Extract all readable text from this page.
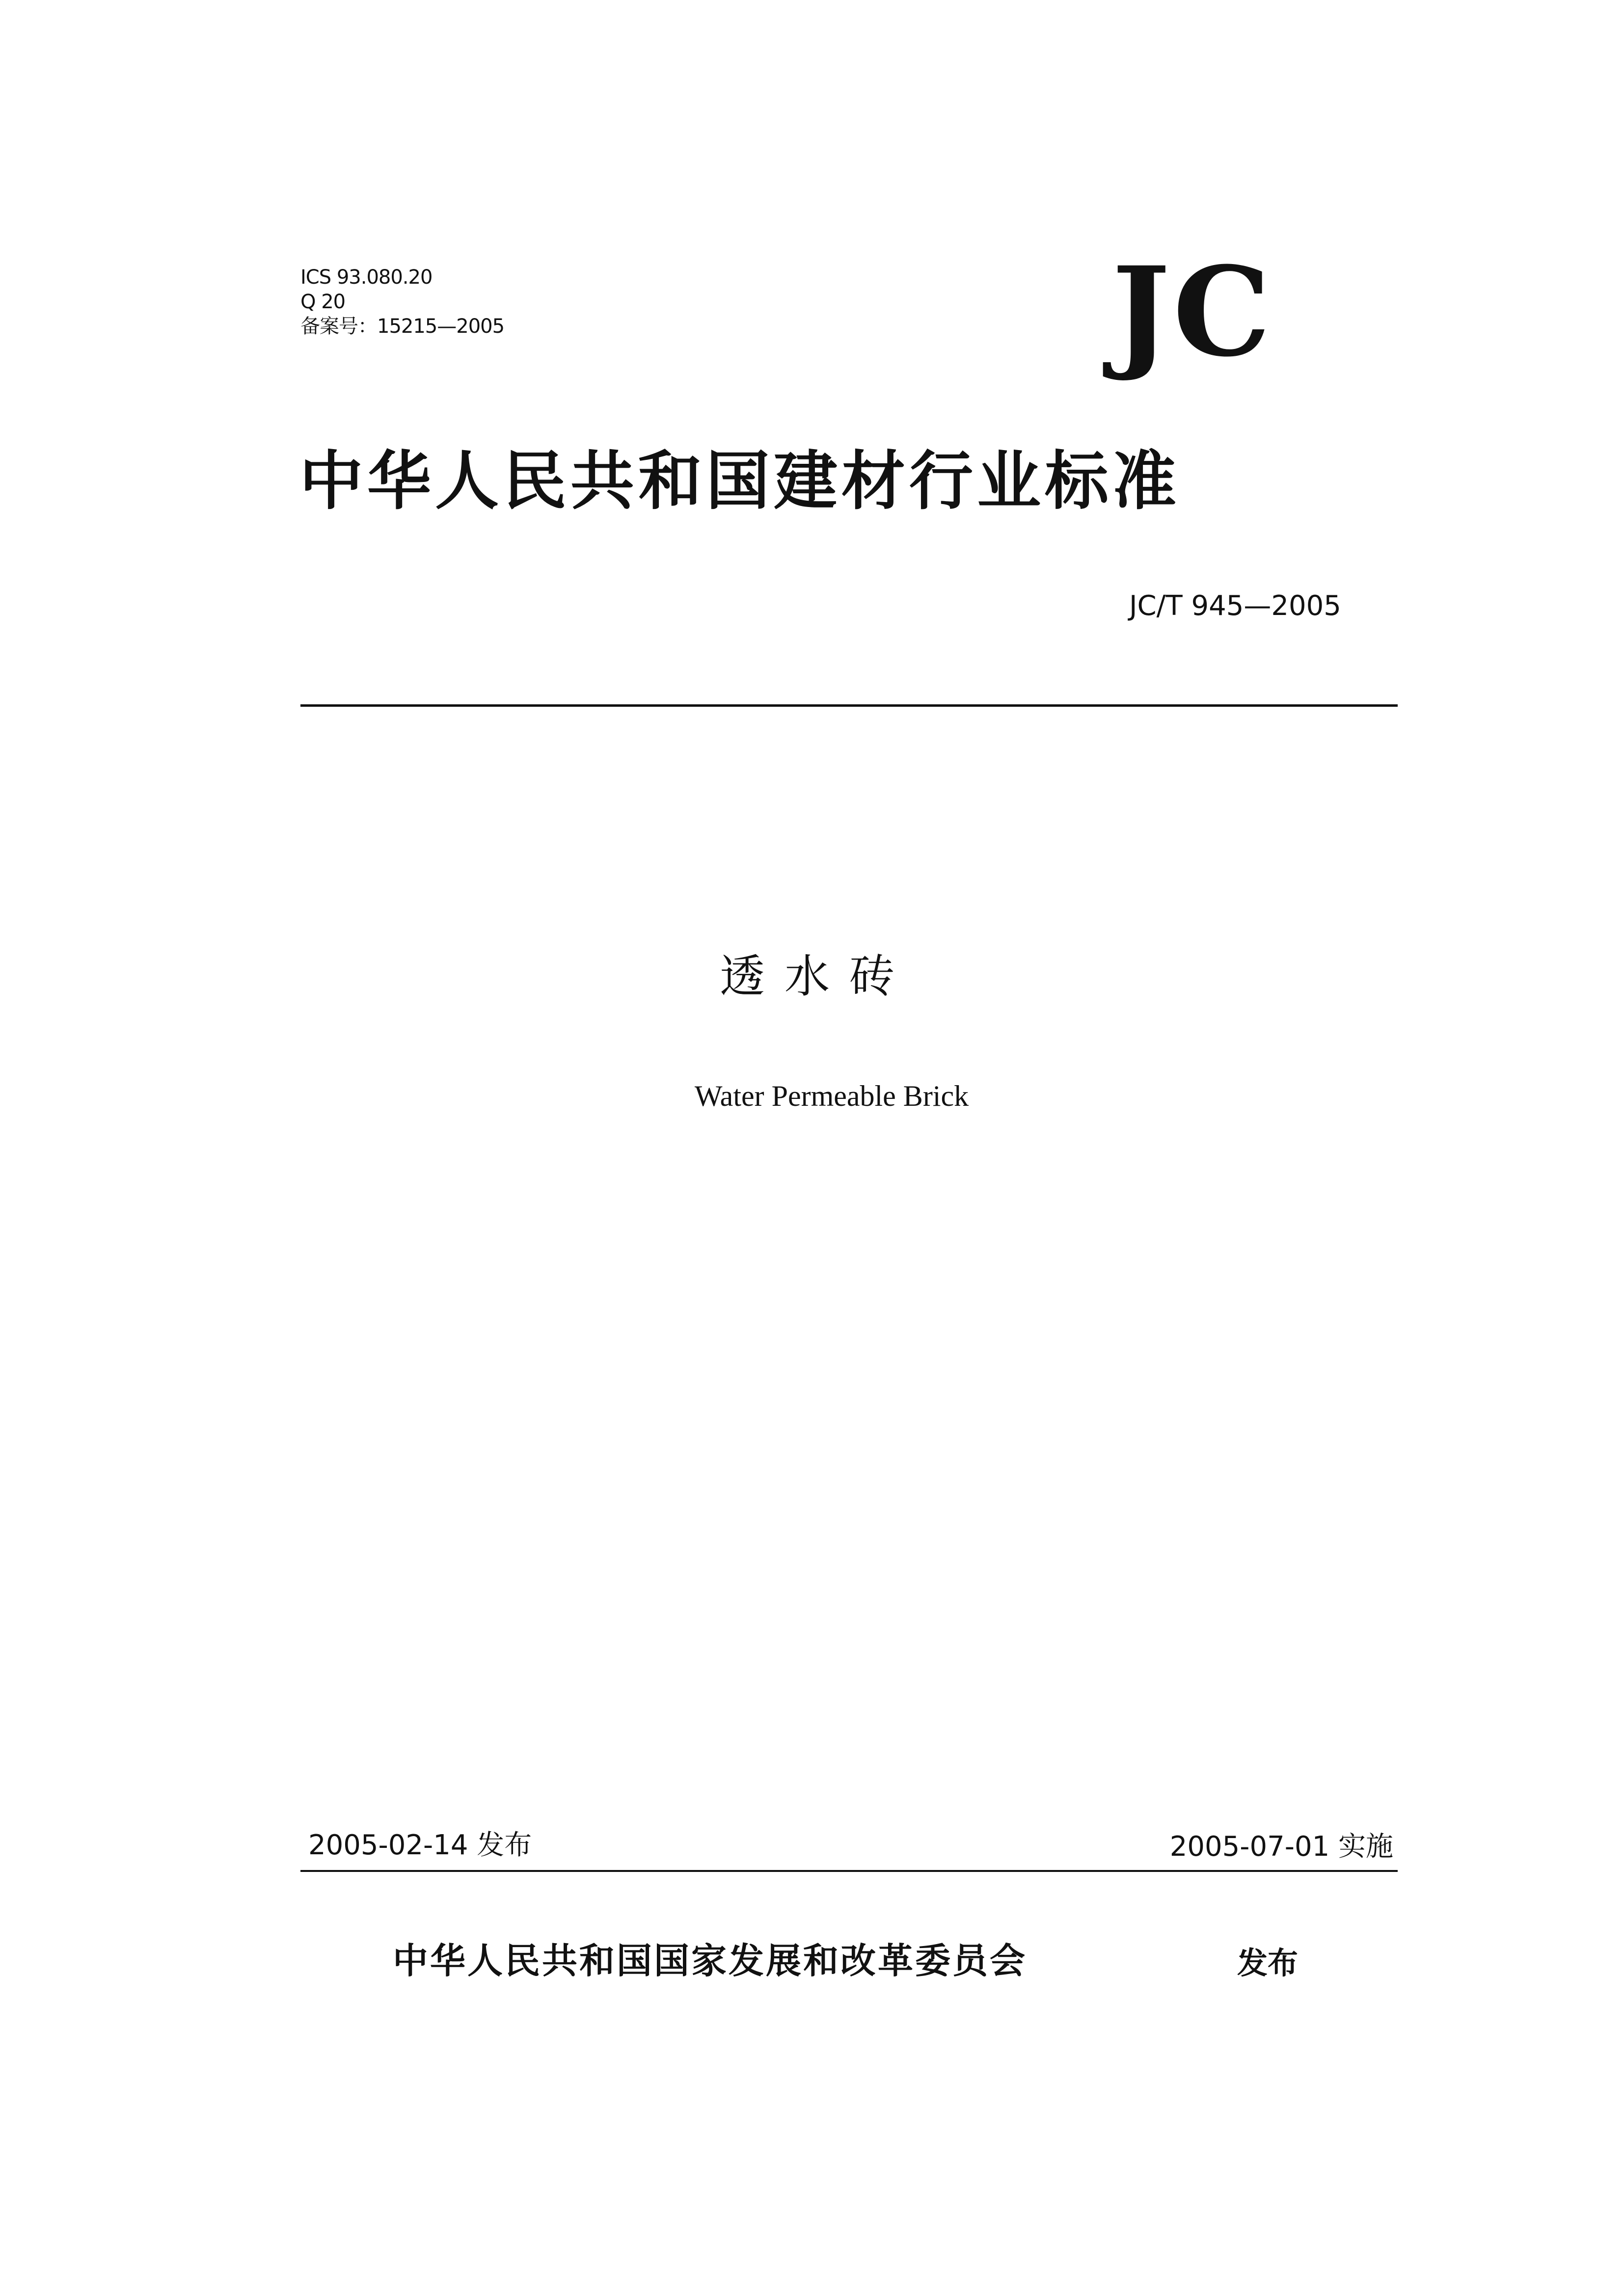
ICS 93.080.20
Q 20
备案号：15215—2005	JC
中华人民共和国建材行业标准
JC/T 945—2005
透水砖
Water Permeable Brick
2005-02-14 发布	2005-07-01 实施
中华人民共和国国家发展和改革委员会	发布
